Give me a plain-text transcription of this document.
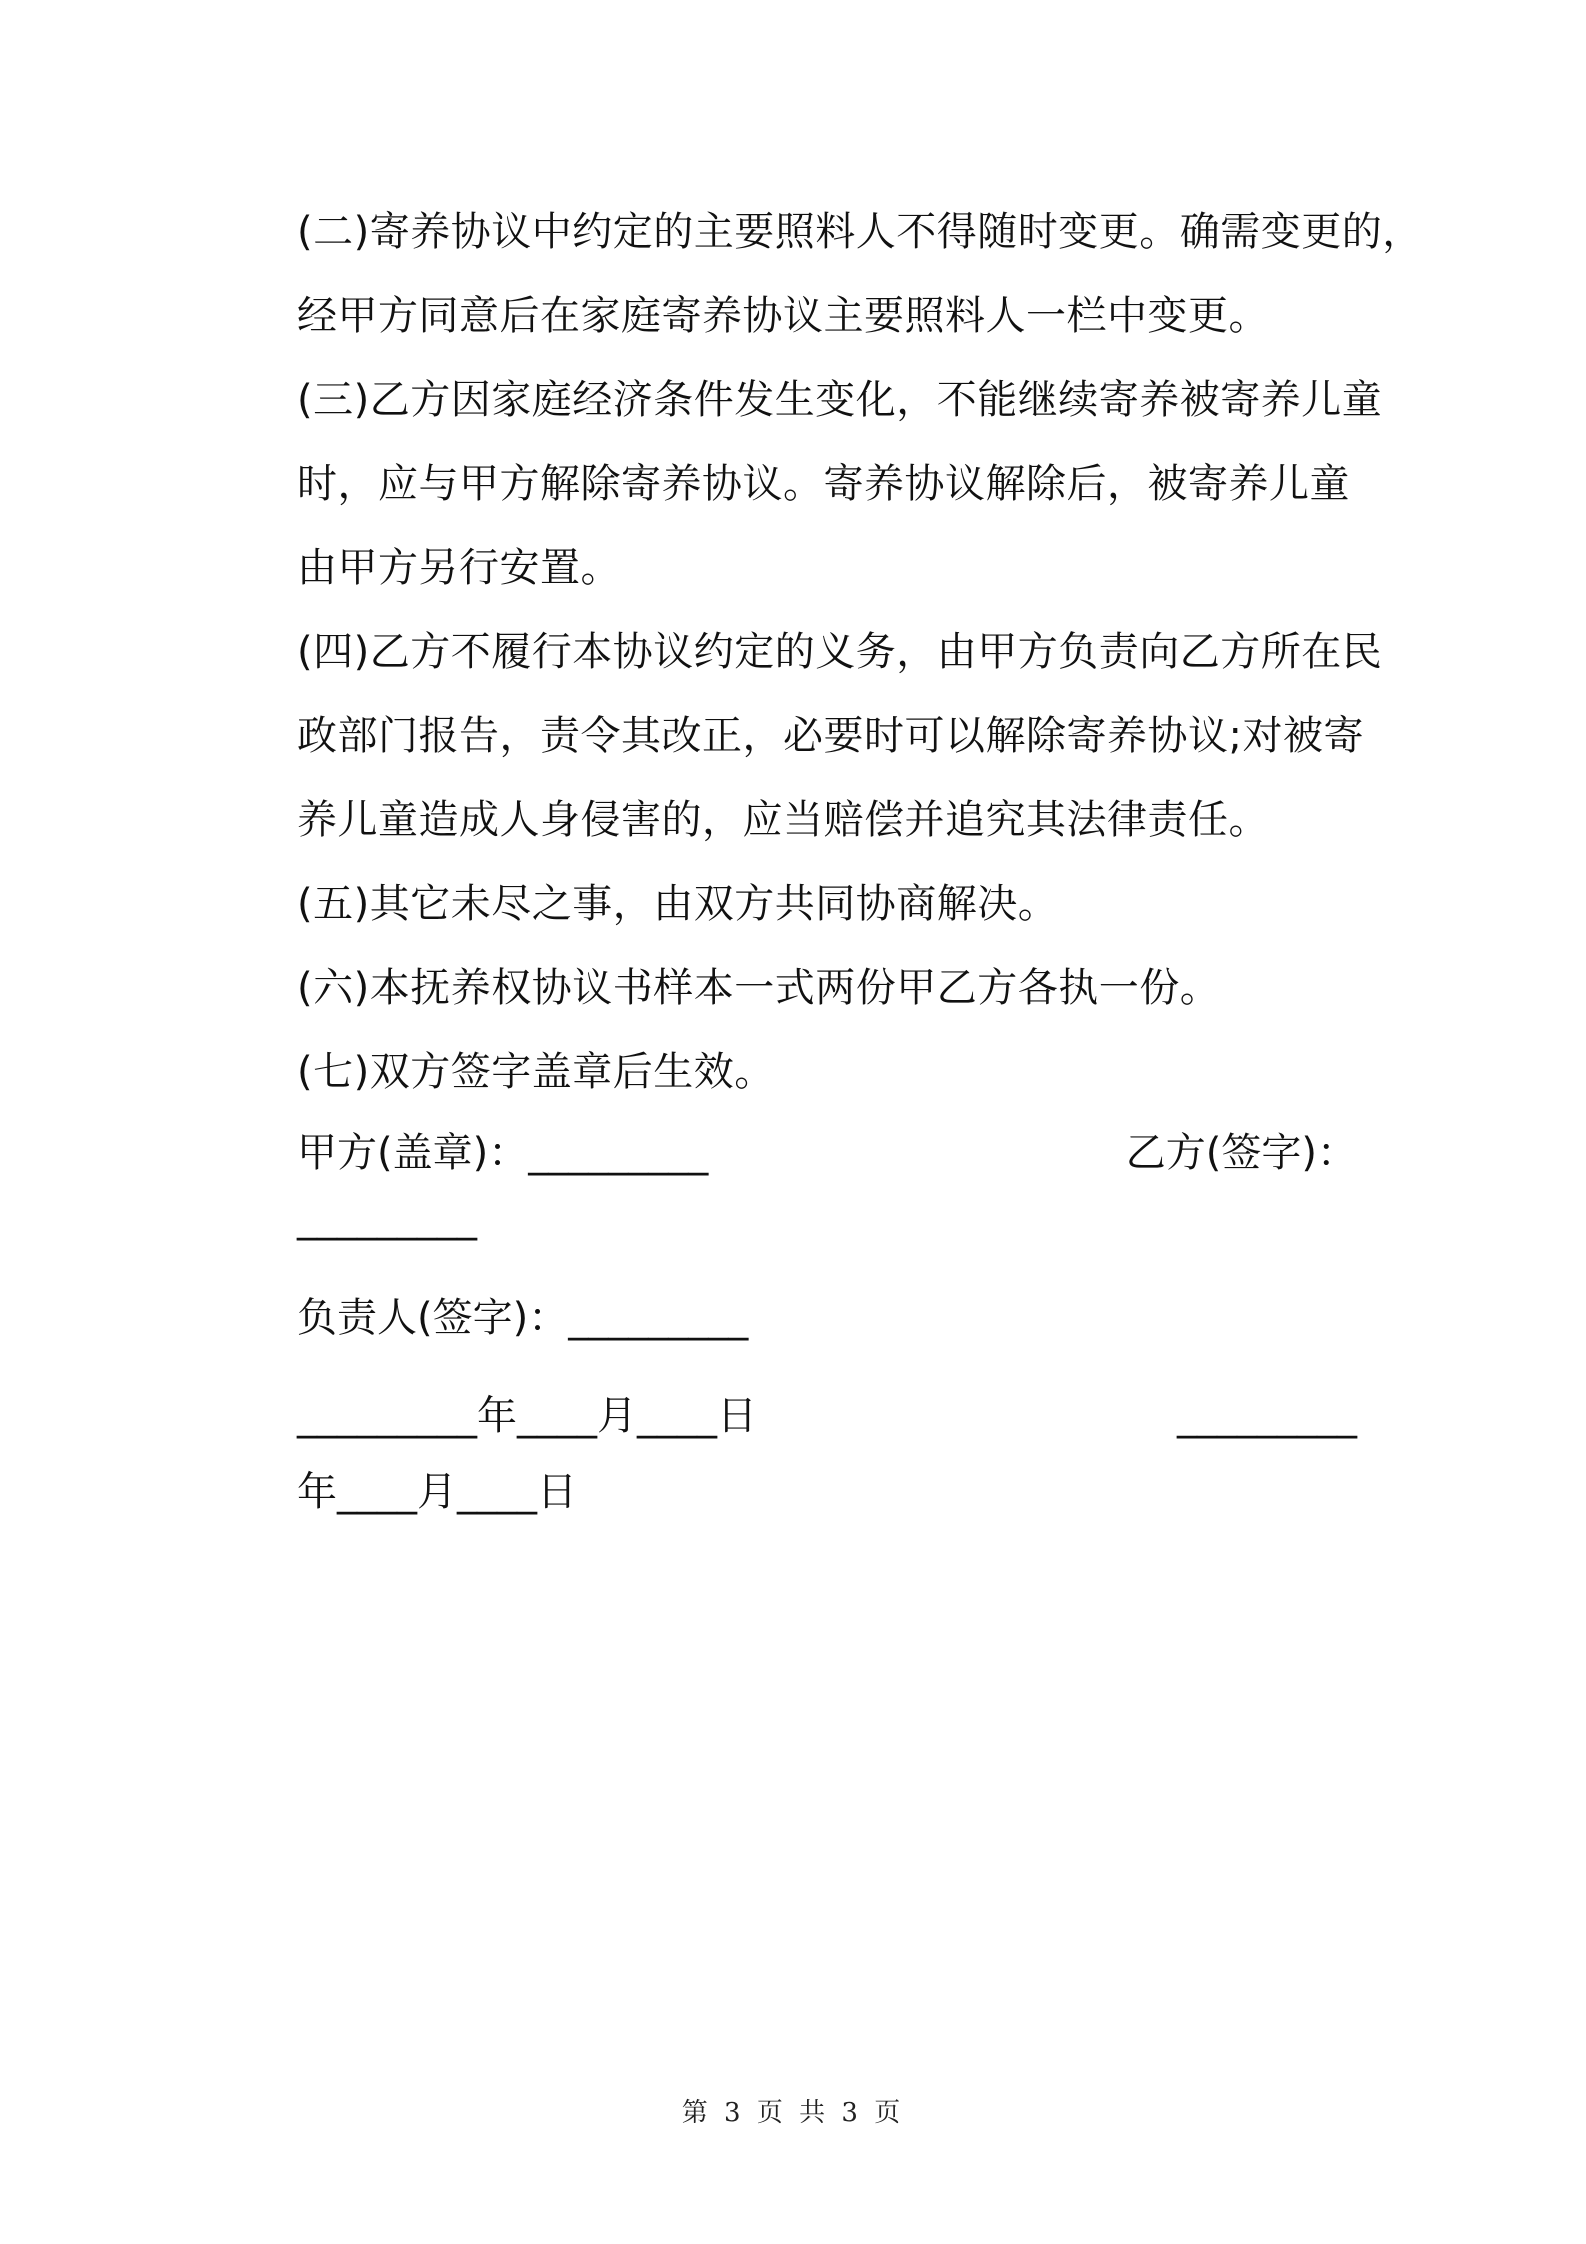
(二)寄养协议中约定的主要照料人不得随时变更。确需变更的，
经甲方同意后在家庭寄养协议主要照料人一栏中变更。
(三)乙方因家庭经济条件发生变化，不能继续寄养被寄养儿童
时，应与甲方解除寄养协议。寄养协议解除后，被寄养儿童
由甲方另行安置。
(四)乙方不履行本协议约定的义务，由甲方负责向乙方所在民
政部门报告，责令其改正，必要时可以解除寄养协议;对被寄
养儿童造成人身侵害的，应当赔偿并追究其法律责任。
(五)其它未尽之事，由双方共同协商解决。
(六)本抚养权协议书样本一式两份甲乙方各执一份。
(七)双方签字盖章后生效。
甲方(盖章)：_________	乙方(签字)：
_________
负责人(签字)：_________
_________年____月____日	_________
年____月____日
第 3 页 共 3 页
